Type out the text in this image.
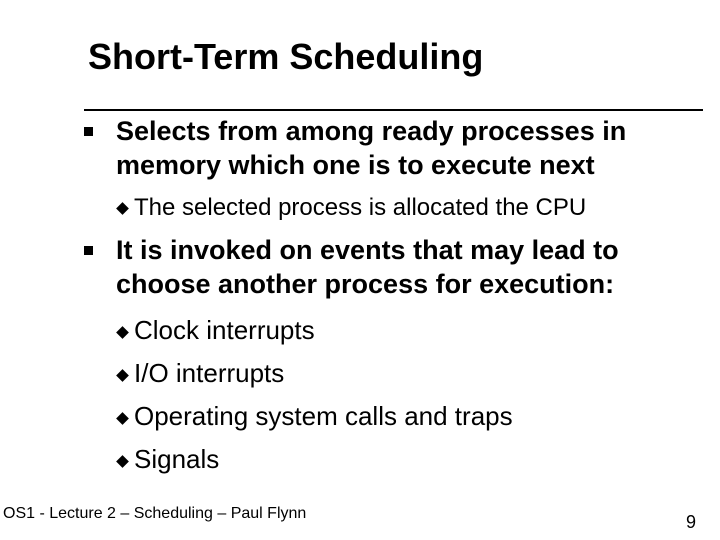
Short-Term Scheduling
Selects from among ready processes in
memory which one is to execute next
The selected process is allocated the CPU
It is invoked on events that may lead to
choose another process for execution:
Clock interrupts
I/O interrupts
Operating system calls and traps
Signals
OS1 - Lecture 2 – Scheduling – Paul Flynn	9
